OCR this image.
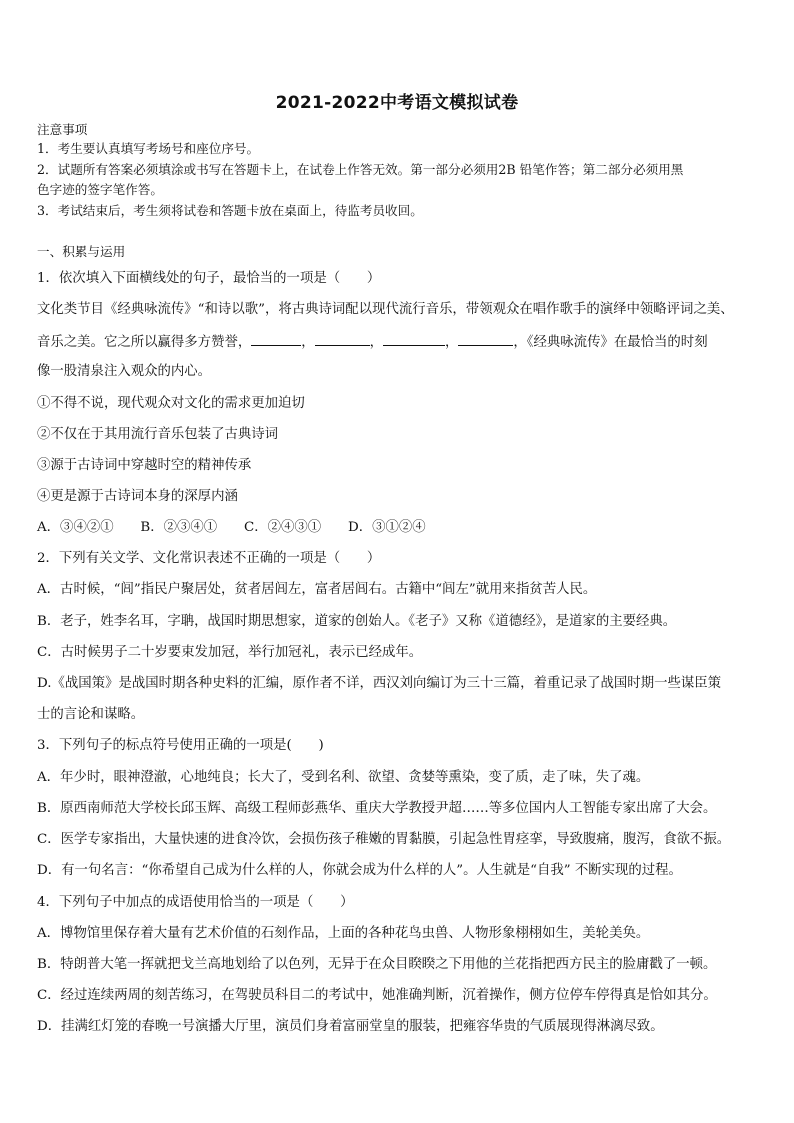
2021-2022中考语文模拟试卷
注意事项
1．考生要认真填写考场号和座位序号。
2．试题所有答案必须填涂或书写在答题卡上，在试卷上作答无效。第一部分必须用2B 铅笔作答；第二部分必须用黑
色字迹的签字笔作答。
3．考试结束后，考生须将试卷和答题卡放在桌面上，待监考员收回。
一、积累与运用
1．依次填入下面横线处的句子，最恰当的一项是（　　）
文化类节目《经典咏流传》“和诗以歌”，将古典诗词配以现代流行音乐，带领观众在唱作歌手的演绎中领略评词之美、
音乐之美。它之所以赢得多方赞誉，	，	，	，	，《经典咏流传》在最恰当的时刻
像一股清泉注入观众的内心。
①不得不说，现代观众对文化的需求更加迫切
②不仅在于其用流行音乐包装了古典诗词
③源于古诗词中穿越时空的精神传承
④更是源于古诗词本身的深厚内涵
A．③④②①　　B．②③④①　　C．②④③①　　D．③①②④
2．下列有关文学、文化常识表述不正确的一项是（　　）
A．古时候，“闾”指民户聚居处，贫者居闾左，富者居闾右。古籍中“闾左”就用来指贫苦人民。
B．老子，姓李名耳，字聃，战国时期思想家，道家的创始人。《老子》又称《道德经》，是道家的主要经典。
C．古时候男子二十岁要束发加冠，举行加冠礼，表示已经成年。
D.《战国策》是战国时期各种史料的汇编，原作者不详，西汉刘向编订为三十三篇，着重记录了战国时期一些谋臣策
士的言论和谋略。
3．下列句子的标点符号使用正确的一项是(　　)
A．年少时，眼神澄澈，心地纯良；长大了，受到名利、欲望、贪婪等熏染，变了质，走了味，失了魂。
B．原西南师范大学校长邱玉辉、高级工程师彭燕华、重庆大学教授尹超……等多位国内人工智能专家出席了大会。
C．医学专家指出，大量快速的进食冷饮，会损伤孩子稚嫩的胃黏膜，引起急性胃痉挛，导致腹痛，腹泻，食欲不振。
D．有一句名言：“你希望自己成为什么样的人，你就会成为什么样的人”。人生就是“自我” 不断实现的过程。
4．下列句子中加点的成语使用恰当的一项是（　　）
A．博物馆里保存着大量有艺术价值的石刻作品，上面的各种花鸟虫兽、人物形象栩栩如生，美轮美奂。
B．特朗普大笔一挥就把戈兰高地划给了以色列，无异于在众目睽睽之下用他的兰花指把西方民主的脸庸戳了一顿。
C．经过连续两周的刻苦练习，在驾驶员科目二的考试中，她准确判断，沉着操作，侧方位停车停得真是恰如其分。
D．挂满红灯笼的春晚一号演播大厅里，演员们身着富丽堂皇的服装，把雍容华贵的气质展现得淋漓尽致。
